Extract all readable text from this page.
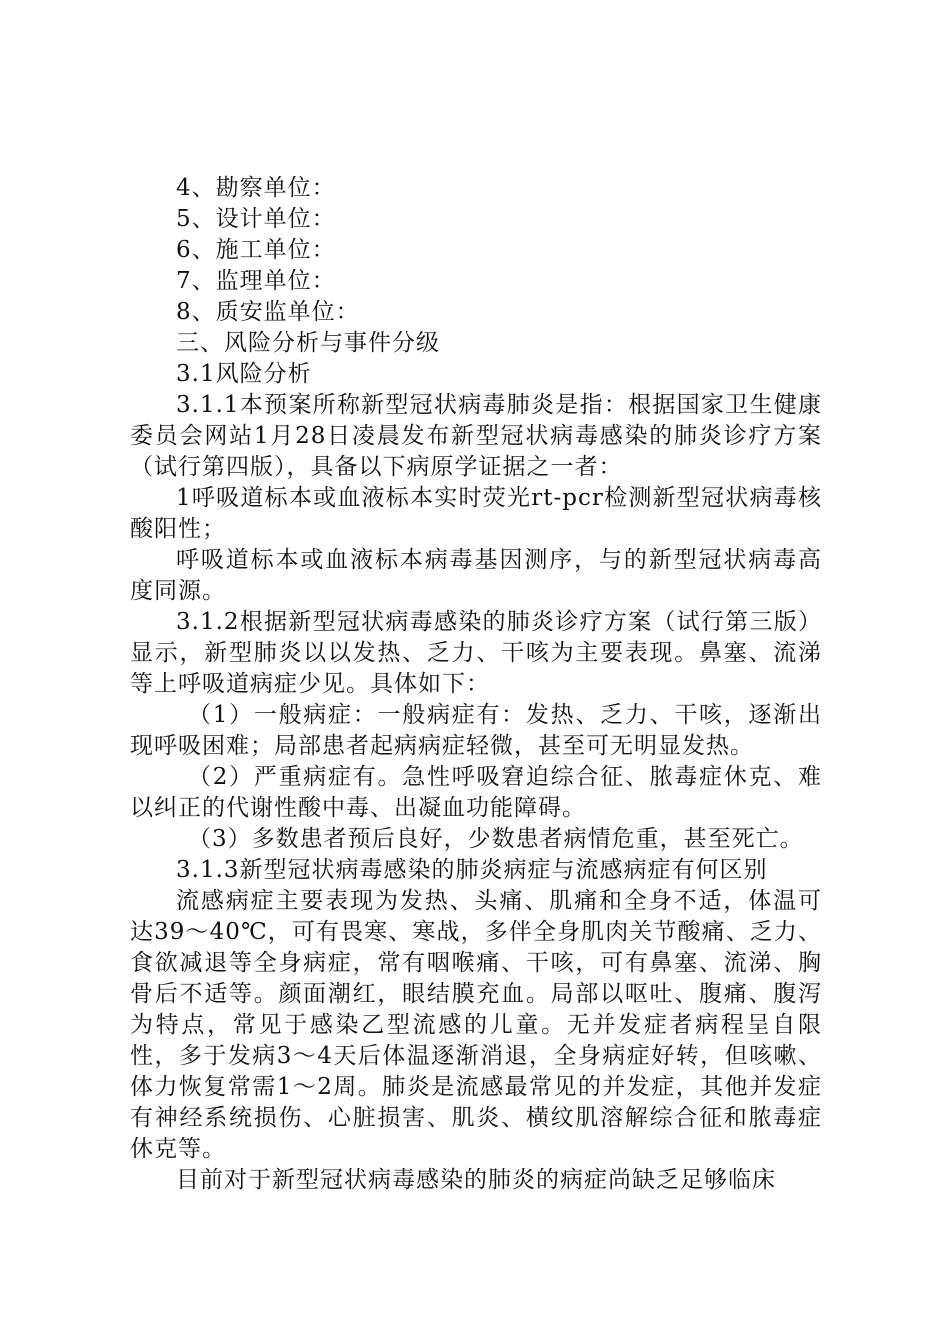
4、勘察单位：

5、设计单位：

6、施工单位：

7、监理单位：

8、质安监单位：

三、风险分析与事件分级

3.1风险分析

3.1.1本预案所称新型冠状病毒肺炎是指：根据国家卫生健康委员会网站1月28日凌晨发布新型冠状病毒感染的肺炎诊疗方案（试行第四版），具备以下病原学证据之一者：

1呼吸道标本或血液标本实时荧光rt-pcr检测新型冠状病毒核酸阳性；

呼吸道标本或血液标本病毒基因测序，与的新型冠状病毒高度同源。

3.1.2根据新型冠状病毒感染的肺炎诊疗方案（试行第三版）显示，新型肺炎以以发热、乏力、干咳为主要表现。鼻塞、流涕等上呼吸道病症少见。具体如下：

（1）一般病症：一般病症有：发热、乏力、干咳，逐渐出现呼吸困难；局部患者起病病症轻微，甚至可无明显发热。

（2）严重病症有。急性呼吸窘迫综合征、脓毒症休克、难以纠正的代谢性酸中毒、出凝血功能障碍。

（3）多数患者预后良好，少数患者病情危重，甚至死亡。

3.1.3新型冠状病毒感染的肺炎病症与流感病症有何区别

流感病症主要表现为发热、头痛、肌痛和全身不适，体温可达39～40℃，可有畏寒、寒战，多伴全身肌肉关节酸痛、乏力、食欲减退等全身病症，常有咽喉痛、干咳，可有鼻塞、流涕、胸骨后不适等。颜面潮红，眼结膜充血。局部以呕吐、腹痛、腹泻为特点，常见于感染乙型流感的儿童。无并发症者病程呈自限性，多于发病3～4天后体温逐渐消退，全身病症好转，但咳嗽、体力恢复常需1～2周。肺炎是流感最常见的并发症，其他并发症有神经系统损伤、心脏损害、肌炎、横纹肌溶解综合征和脓毒症休克等。

目前对于新型冠状病毒感染的肺炎的病症尚缺乏足够临床
